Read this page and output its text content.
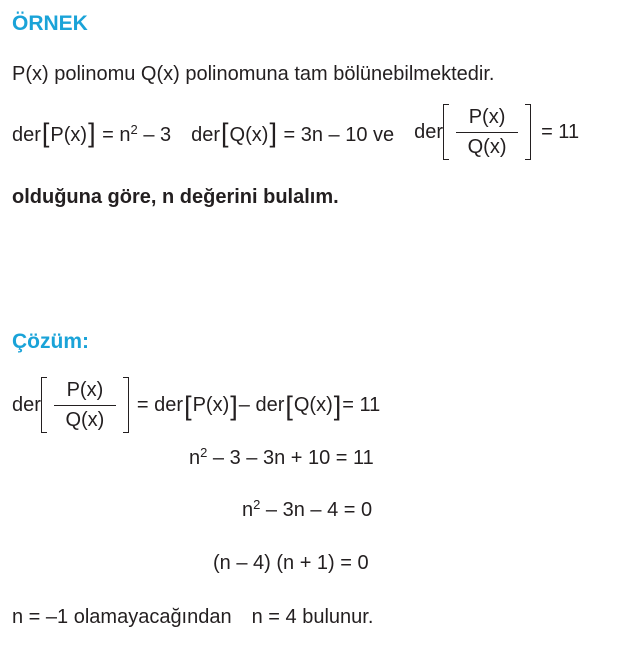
ÖRNEK
P(x) polinomu Q(x) polinomuna tam bölünebilmektedir.
$der[P(x)] = n^2 - 3$ der[Q(x)] = 3n – 10 ve der $\frac{P(x)}{Q(x)} = 11$
olduğuna göre, n değerini bulalım.
Çözüm:
der $\frac{P(x)}{Q(x)}$ = der [ P(x) ] – der [ Q(x) ] = 11
$n^2 - 3 - 3n + 10 = 11$
$n^2 - 3n - 4 = 0$
(n – 4) (n + 1) = 0
n = –1 olamayacağından n = 4 bulunur.
